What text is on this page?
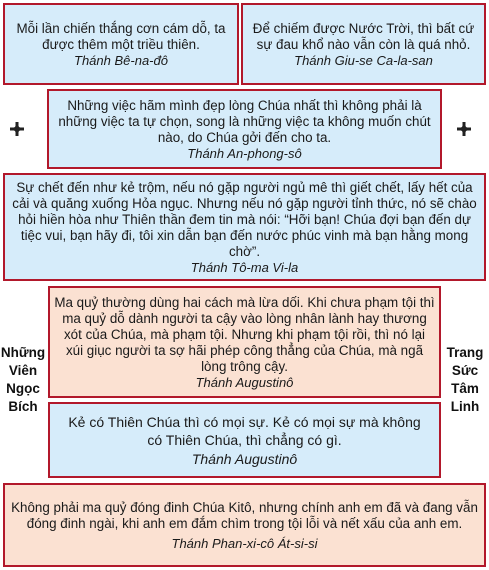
Mỗi lần chiến thắng cơn cám dỗ, ta được thêm một triều thiên.
Thánh Bê-na-đô
Để chiếm được Nước Trời, thì bất cứ sự đau khổ nào vẫn còn là quá nhỏ.
Thánh Giu-se Ca-la-san
Những việc hãm mình đẹp lòng Chúa nhất thì không phải là những việc ta tự chọn, song là những việc ta không muốn chút nào, do Chúa gởi đến cho ta.
Thánh An-phong-sô
Sự chết đến như kẻ trộm, nếu nó gặp người ngủ mê thì giết chết, lấy hết của cải và quăng xuống Hỏa ngục. Nhưng nếu nó gặp người tỉnh thức, nó sẽ chào hỏi hiền hòa như Thiên thần đem tin mà nói: “Hỡi bạn! Chúa đợi bạn đến dự tiệc vui, bạn hãy đi, tôi xin dẫn bạn đến nước phúc vinh mà bạn hằng mong chờ”.
Thánh Tô-ma Vi-la
Những
Viên
Ngọc
Bích
Trang
Sức
Tâm
Linh
Ma quỷ thường dùng hai cách mà lừa dối. Khi chưa phạm tội thì ma quỷ dỗ dành người ta cậy vào lòng nhân lành hay thương xót của Chúa, mà phạm tội. Nhưng khi phạm tội rồi, thì nó lại xúi giục người ta sợ hãi phép công thẳng của Chúa, mà ngã lòng trông cậy.
Thánh Augustinô
Kẻ có Thiên Chúa thì có mọi sự. Kẻ có mọi sự mà không có Thiên Chúa, thì chẳng có gì.
Thánh Augustinô
Không phải ma quỷ đóng đinh Chúa Kitô, nhưng chính anh em đã và đang vẫn đóng đinh ngài, khi anh em đắm chìm trong tội lỗi và nết xấu của anh em.
Thánh Phan-xi-cô Át-si-si
